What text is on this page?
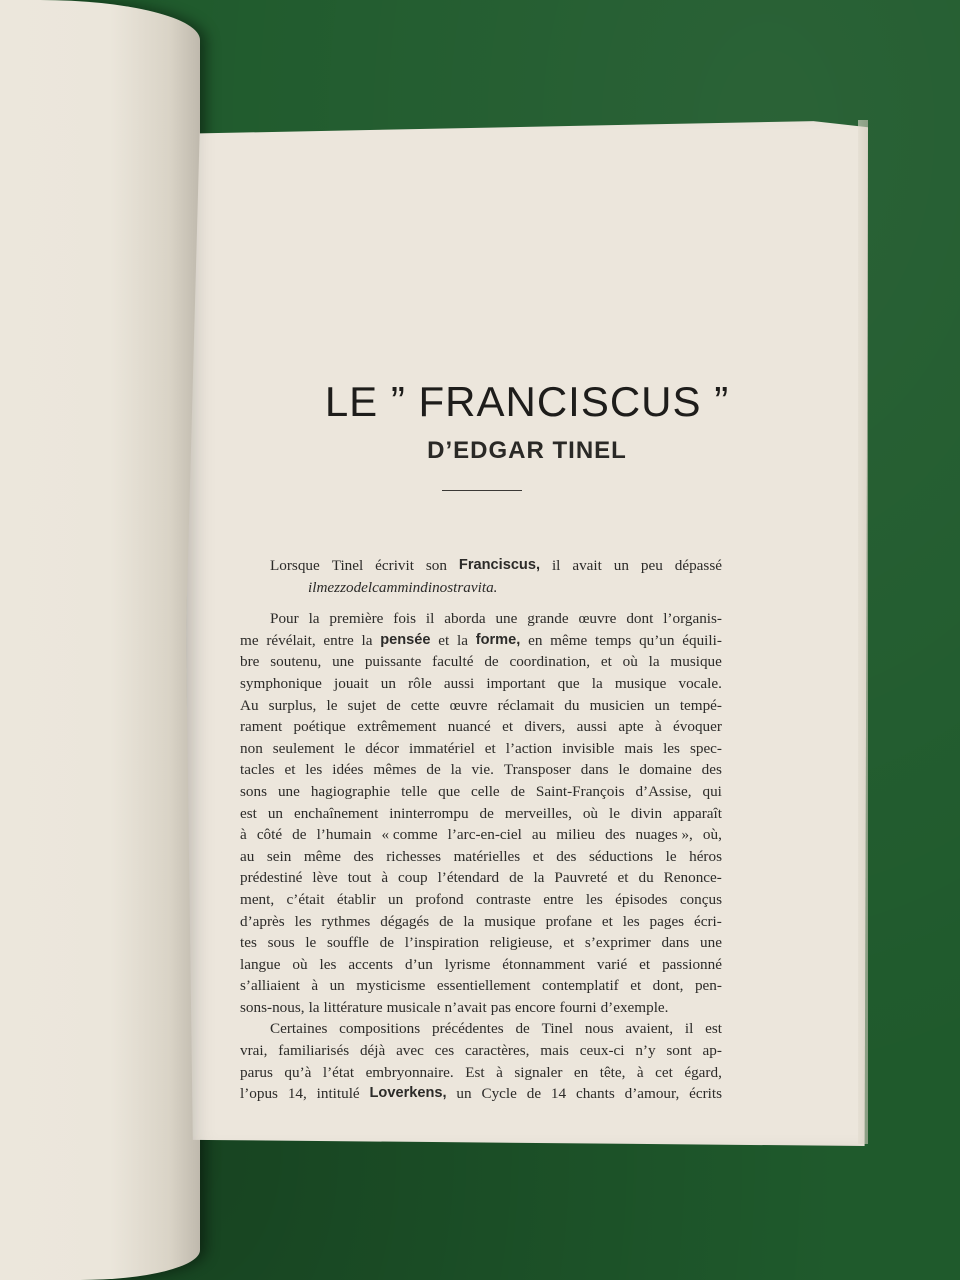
LE ” FRANCISCUS ”
D’EDGAR TINEL
Lorsque Tinel écrivit son Franciscus, il avait un peu dépassé
il mezzo del cammin di nostra vita.
Pour la première fois il aborda une grande œuvre dont l’organis-
me révélait, entre la pensée et la forme, en même temps qu’un équili-
bre soutenu, une puissante faculté de coordination, et où la musique
symphonique jouait un rôle aussi important que la musique vocale.
Au surplus, le sujet de cette œuvre réclamait du musicien un tempé-
rament poétique extrêmement nuancé et divers, aussi apte à évoquer
non seulement le décor immatériel et l’action invisible mais les spec-
tacles et les idées mêmes de la vie. Transposer dans le domaine des
sons une hagiographie telle que celle de Saint-François d’Assise, qui
est un enchaînement ininterrompu de merveilles, où le divin apparaît
à côté de l’humain « comme l’arc-en-ciel au milieu des nuages », où,
au sein même des richesses matérielles et des séductions le héros
prédestiné lève tout à coup l’étendard de la Pauvreté et du Renonce-
ment, c’était établir un profond contraste entre les épisodes conçus
d’après les rythmes dégagés de la musique profane et les pages écri-
tes sous le souffle de l’inspiration religieuse, et s’exprimer dans une
langue où les accents d’un lyrisme étonnamment varié et passionné
s’alliaient à un mysticisme essentiellement contemplatif et dont, pen-
sons-nous, la littérature musicale n’avait pas encore fourni d’exemple.
Certaines compositions précédentes de Tinel nous avaient, il est
vrai, familiarisés déjà avec ces caractères, mais ceux-ci n’y sont ap-
parus qu’à l’état embryonnaire. Est à signaler en tête, à cet égard,
l’opus 14, intitulé Loverkens, un Cycle de 14 chants d’amour, écrits
